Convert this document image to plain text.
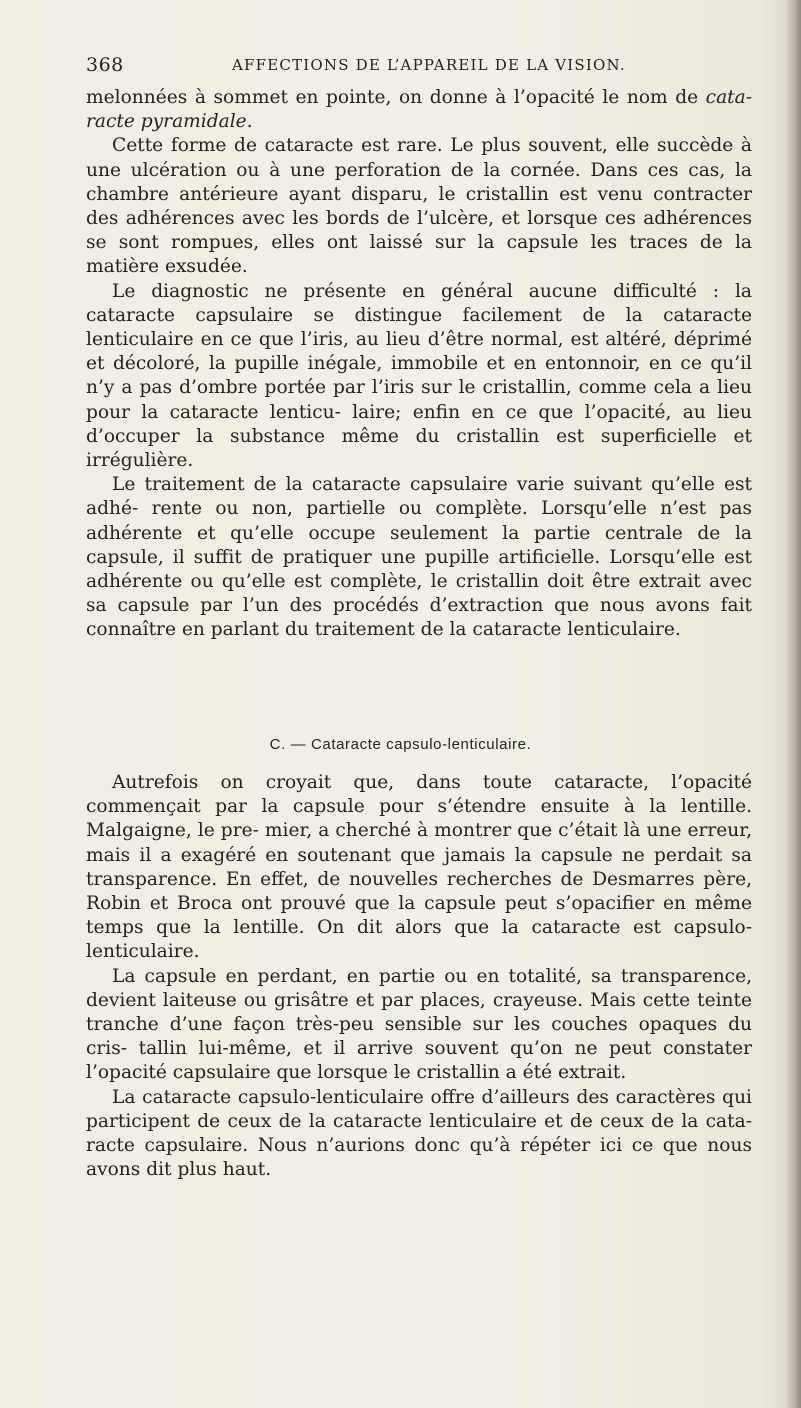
368	AFFECTIONS DE L’APPAREIL DE LA VISION.

melonnées à sommet en pointe, on donne à l’opacité le nom de cata- racte pyramidale.

Cette forme de cataracte est rare. Le plus souvent, elle succède à une ulcération ou à une perforation de la cornée. Dans ces cas, la chambre antérieure ayant disparu, le cristallin est venu contracter des adhérences avec les bords de l’ulcère, et lorsque ces adhérences se sont rompues, elles ont laissé sur la capsule les traces de la matière exsudée.

Le diagnostic ne présente en général aucune difficulté : la cataracte capsulaire se distingue facilement de la cataracte lenticulaire en ce que l’iris, au lieu d’être normal, est altéré, déprimé et décoloré, la pupille inégale, immobile et en entonnoir, en ce qu’il n’y a pas d’ombre portée par l’iris sur le cristallin, comme cela a lieu pour la cataracte lenticu- laire; enfin en ce que l’opacité, au lieu d’occuper la substance même du cristallin est superficielle et irrégulière.

Le traitement de la cataracte capsulaire varie suivant qu’elle est adhé- rente ou non, partielle ou complète. Lorsqu’elle n’est pas adhérente et qu’elle occupe seulement la partie centrale de la capsule, il suffit de pratiquer une pupille artificielle. Lorsqu’elle est adhérente ou qu’elle est complète, le cristallin doit être extrait avec sa capsule par l’un des procédés d’extraction que nous avons fait connaître en parlant du traitement de la cataracte lenticulaire.

C. — Cataracte capsulo-lenticulaire.

Autrefois on croyait que, dans toute cataracte, l’opacité commençait par la capsule pour s’étendre ensuite à la lentille. Malgaigne, le pre- mier, a cherché à montrer que c’était là une erreur, mais il a exagéré en soutenant que jamais la capsule ne perdait sa transparence. En effet, de nouvelles recherches de Desmarres père, Robin et Broca ont prouvé que la capsule peut s’opacifier en même temps que la lentille. On dit alors que la cataracte est capsulo-lenticulaire.

La capsule en perdant, en partie ou en totalité, sa transparence, devient laiteuse ou grisâtre et par places, crayeuse. Mais cette teinte tranche d’une façon très-peu sensible sur les couches opaques du cris- tallin lui-même, et il arrive souvent qu’on ne peut constater l’opacité capsulaire que lorsque le cristallin a été extrait.

La cataracte capsulo-lenticulaire offre d’ailleurs des caractères qui participent de ceux de la cataracte lenticulaire et de ceux de la cata- racte capsulaire. Nous n’aurions donc qu’à répéter ici ce que nous avons dit plus haut.
